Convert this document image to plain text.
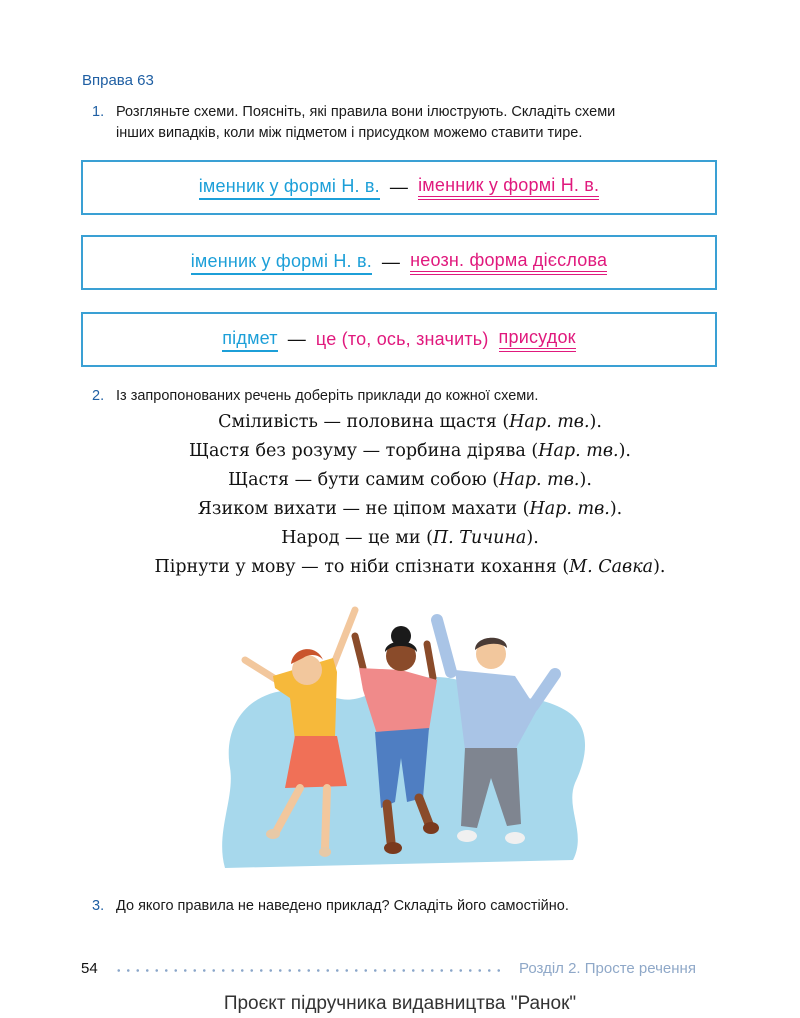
Вправа 63
1. Розгляньте схеми. Поясніть, які правила вони ілюструють. Складіть схеми
інших випадків, коли між підметом і присудком можемо ставити тире.
іменник у формі Н. в. — іменник у формі Н. в.
іменник у формі Н. в. — неозн. форма дієслова
підмет — це (то, ось, значить) присудок
2. Із запропонованих речень доберіть приклади до кожної схеми.
Сміливість — половина щастя (Нар. тв.).
Щастя без розуму — торбина дірява (Нар. тв.).
Щастя — бути самим собою (Нар. тв.).
Язиком вихати — не ціпом махати (Нар. тв.).
Народ — це ми (П. Тичина).
Пірнути у мову — то ніби спізнати кохання (М. Савка).
3. До якого правила не наведено приклад? Складіть його самостійно.
54	Розділ 2. Просте речення
Проєкт підручника видавництва "Ранок"
